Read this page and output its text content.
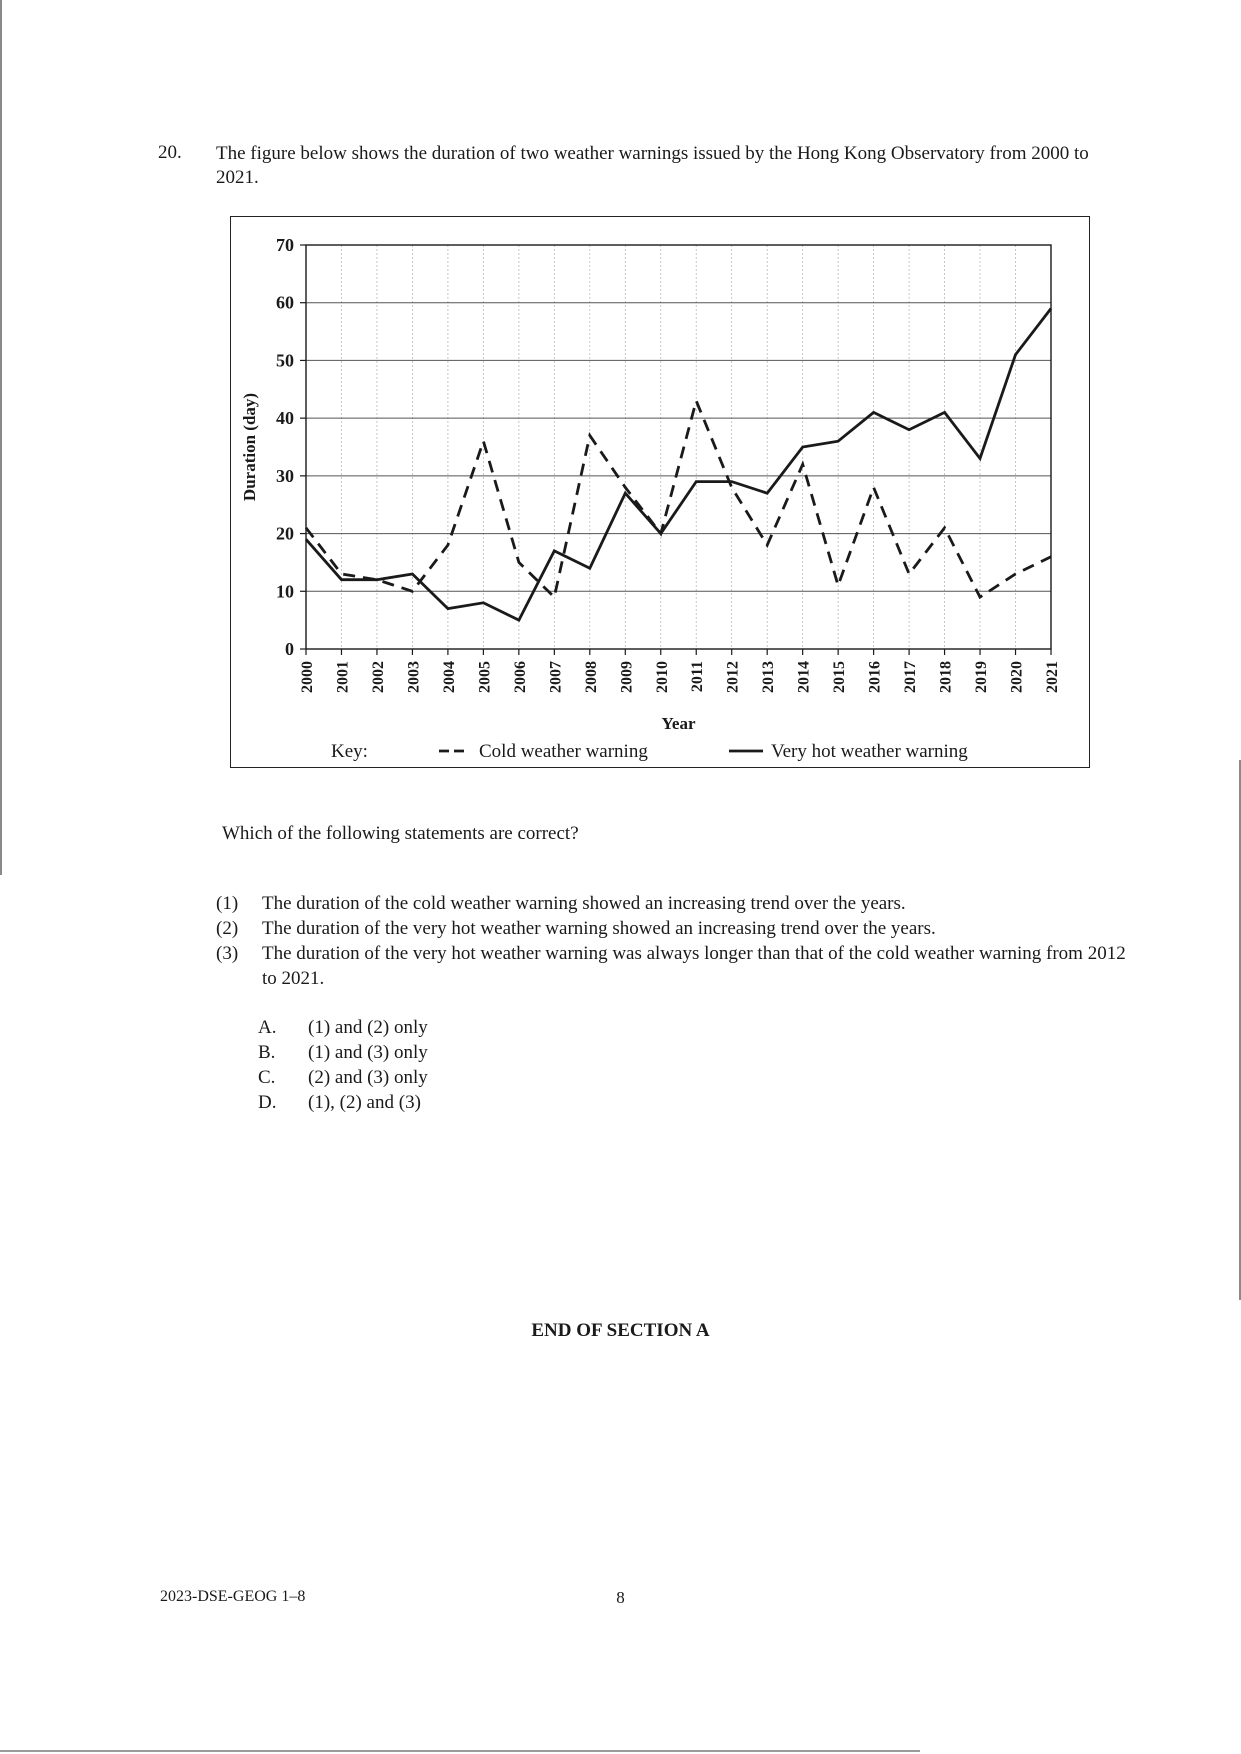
20. The figure below shows the duration of two weather warnings issued by the Hong Kong Observatory from 2000 to 2021.
0
10
20
30
40
50
60
70
2000 2001 2002 2003 2004 2005 2006 2007 2008 2009 2010 2011 2012 2013 2014 2015 2016 2017 2018 2019 2020 2021
Duration (day)
Year
Key:	Cold weather warning	Very hot weather warning
Which of the following statements are correct?
(1)	The duration of the cold weather warning showed an increasing trend over the years.
(2)	The duration of the very hot weather warning showed an increasing trend over the years.
(3)	The duration of the very hot weather warning was always longer than that of the cold weather warning from 2012 to 2021.
A.	(1) and (2) only
B.	(1) and (3) only
C.	(2) and (3) only
D.	(1), (2) and (3)
END OF SECTION A
2023-DSE-GEOG 1–8	8
